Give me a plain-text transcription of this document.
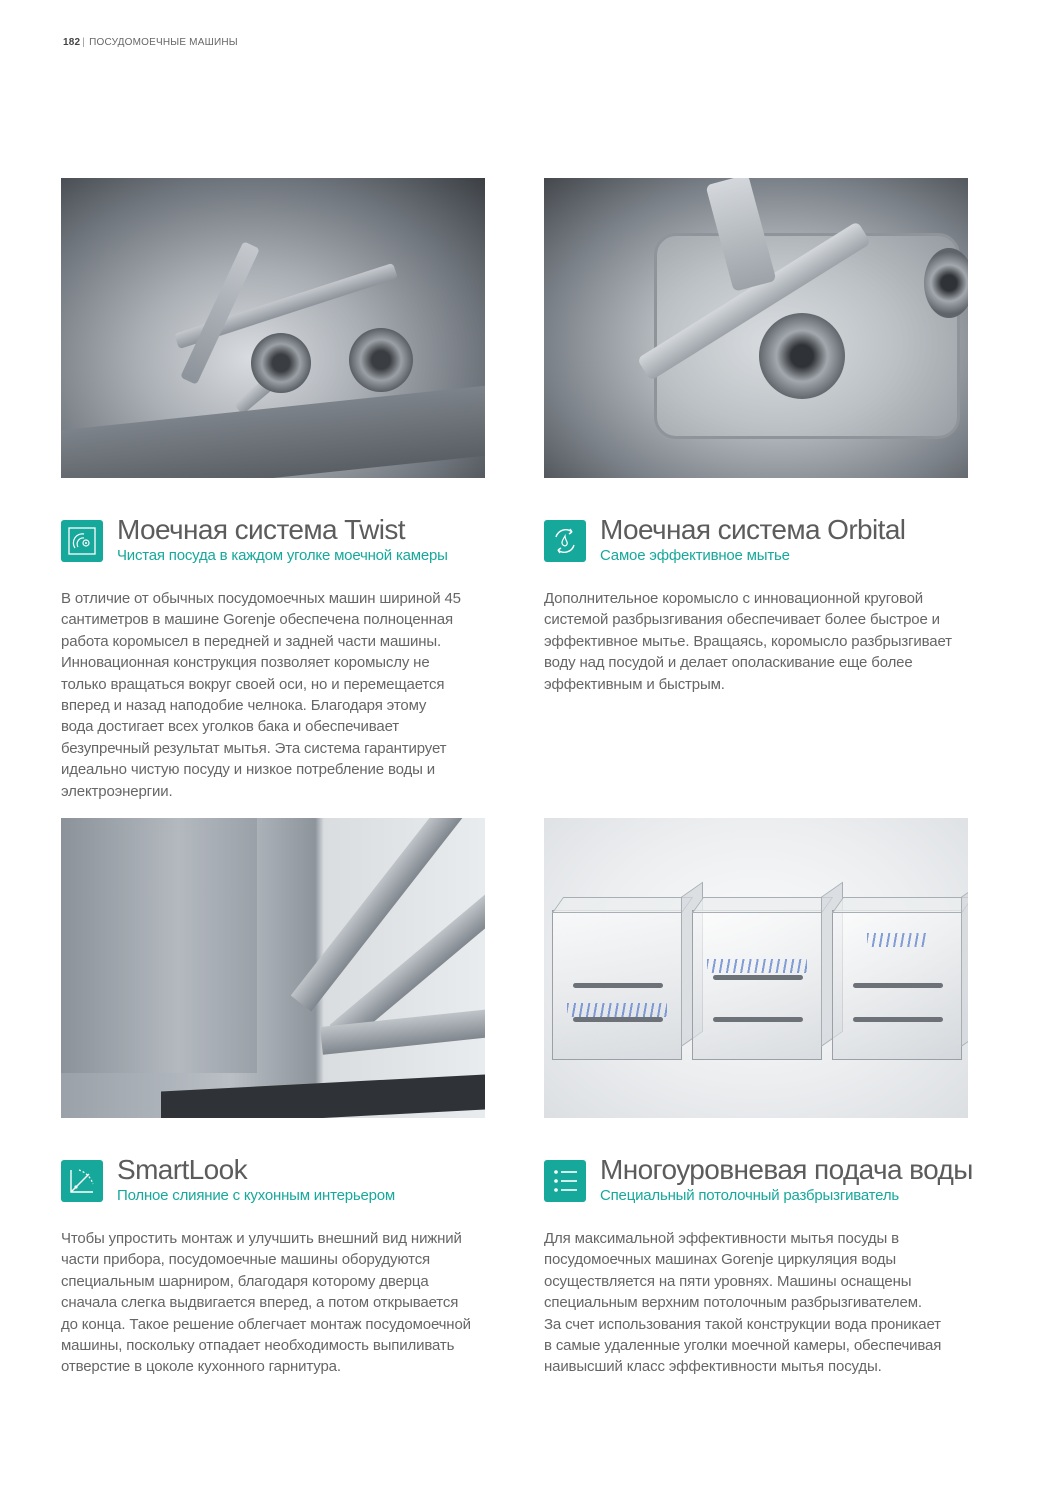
182 | ПОСУДОМОЕЧНЫЕ МАШИНЫ
Моечная система Twist
Чистая посуда в каждом уголке моечной камеры
В отличие от обычных посудомоечных машин шириной 45
сантиметров в машине Gorenje обеспечена полноценная
работа коромысел в передней и задней части машины.
Инновационная конструкция позволяет коромыслу не
только вращаться вокруг своей оси, но и перемещается
вперед и назад наподобие челнока. Благодаря этому
вода достигает всех уголков бака и обеспечивает
безупречный результат мытья. Эта система гарантирует
идеально чистую посуду и низкое потребление воды и
электроэнергии.
Моечная система Orbital
Самое эффективное мытье
Дополнительное коромысло с инновационной круговой
системой разбрызгивания обеспечивает более быстрое и
эффективное мытье. Вращаясь, коромысло разбрызгивает
воду над посудой и делает ополаскивание еще более
эффективным и быстрым.
SmartLook
Полное слияние с кухонным интерьером
Чтобы упростить монтаж и улучшить внешний вид нижний
части прибора, посудомоечные машины оборудуются
специальным шарниром, благодаря которому дверца
сначала слегка выдвигается вперед, а потом открывается
до конца. Такое решение облегчает монтаж посудомоечной
машины, поскольку отпадает необходимость выпиливать
отверстие в цоколе кухонного гарнитура.
Многоуровневая подача воды
Специальный потолочный разбрызгиватель
Для максимальной эффективности мытья посуды в
посудомоечных машинах Gorenje циркуляция воды
осуществляется на пяти уровнях. Машины оснащены
специальным верхним потолочным разбрызгивателем.
За счет использования такой конструкции вода проникает
в самые удаленные уголки моечной камеры, обеспечивая
наивысший класс эффективности мытья посуды.
